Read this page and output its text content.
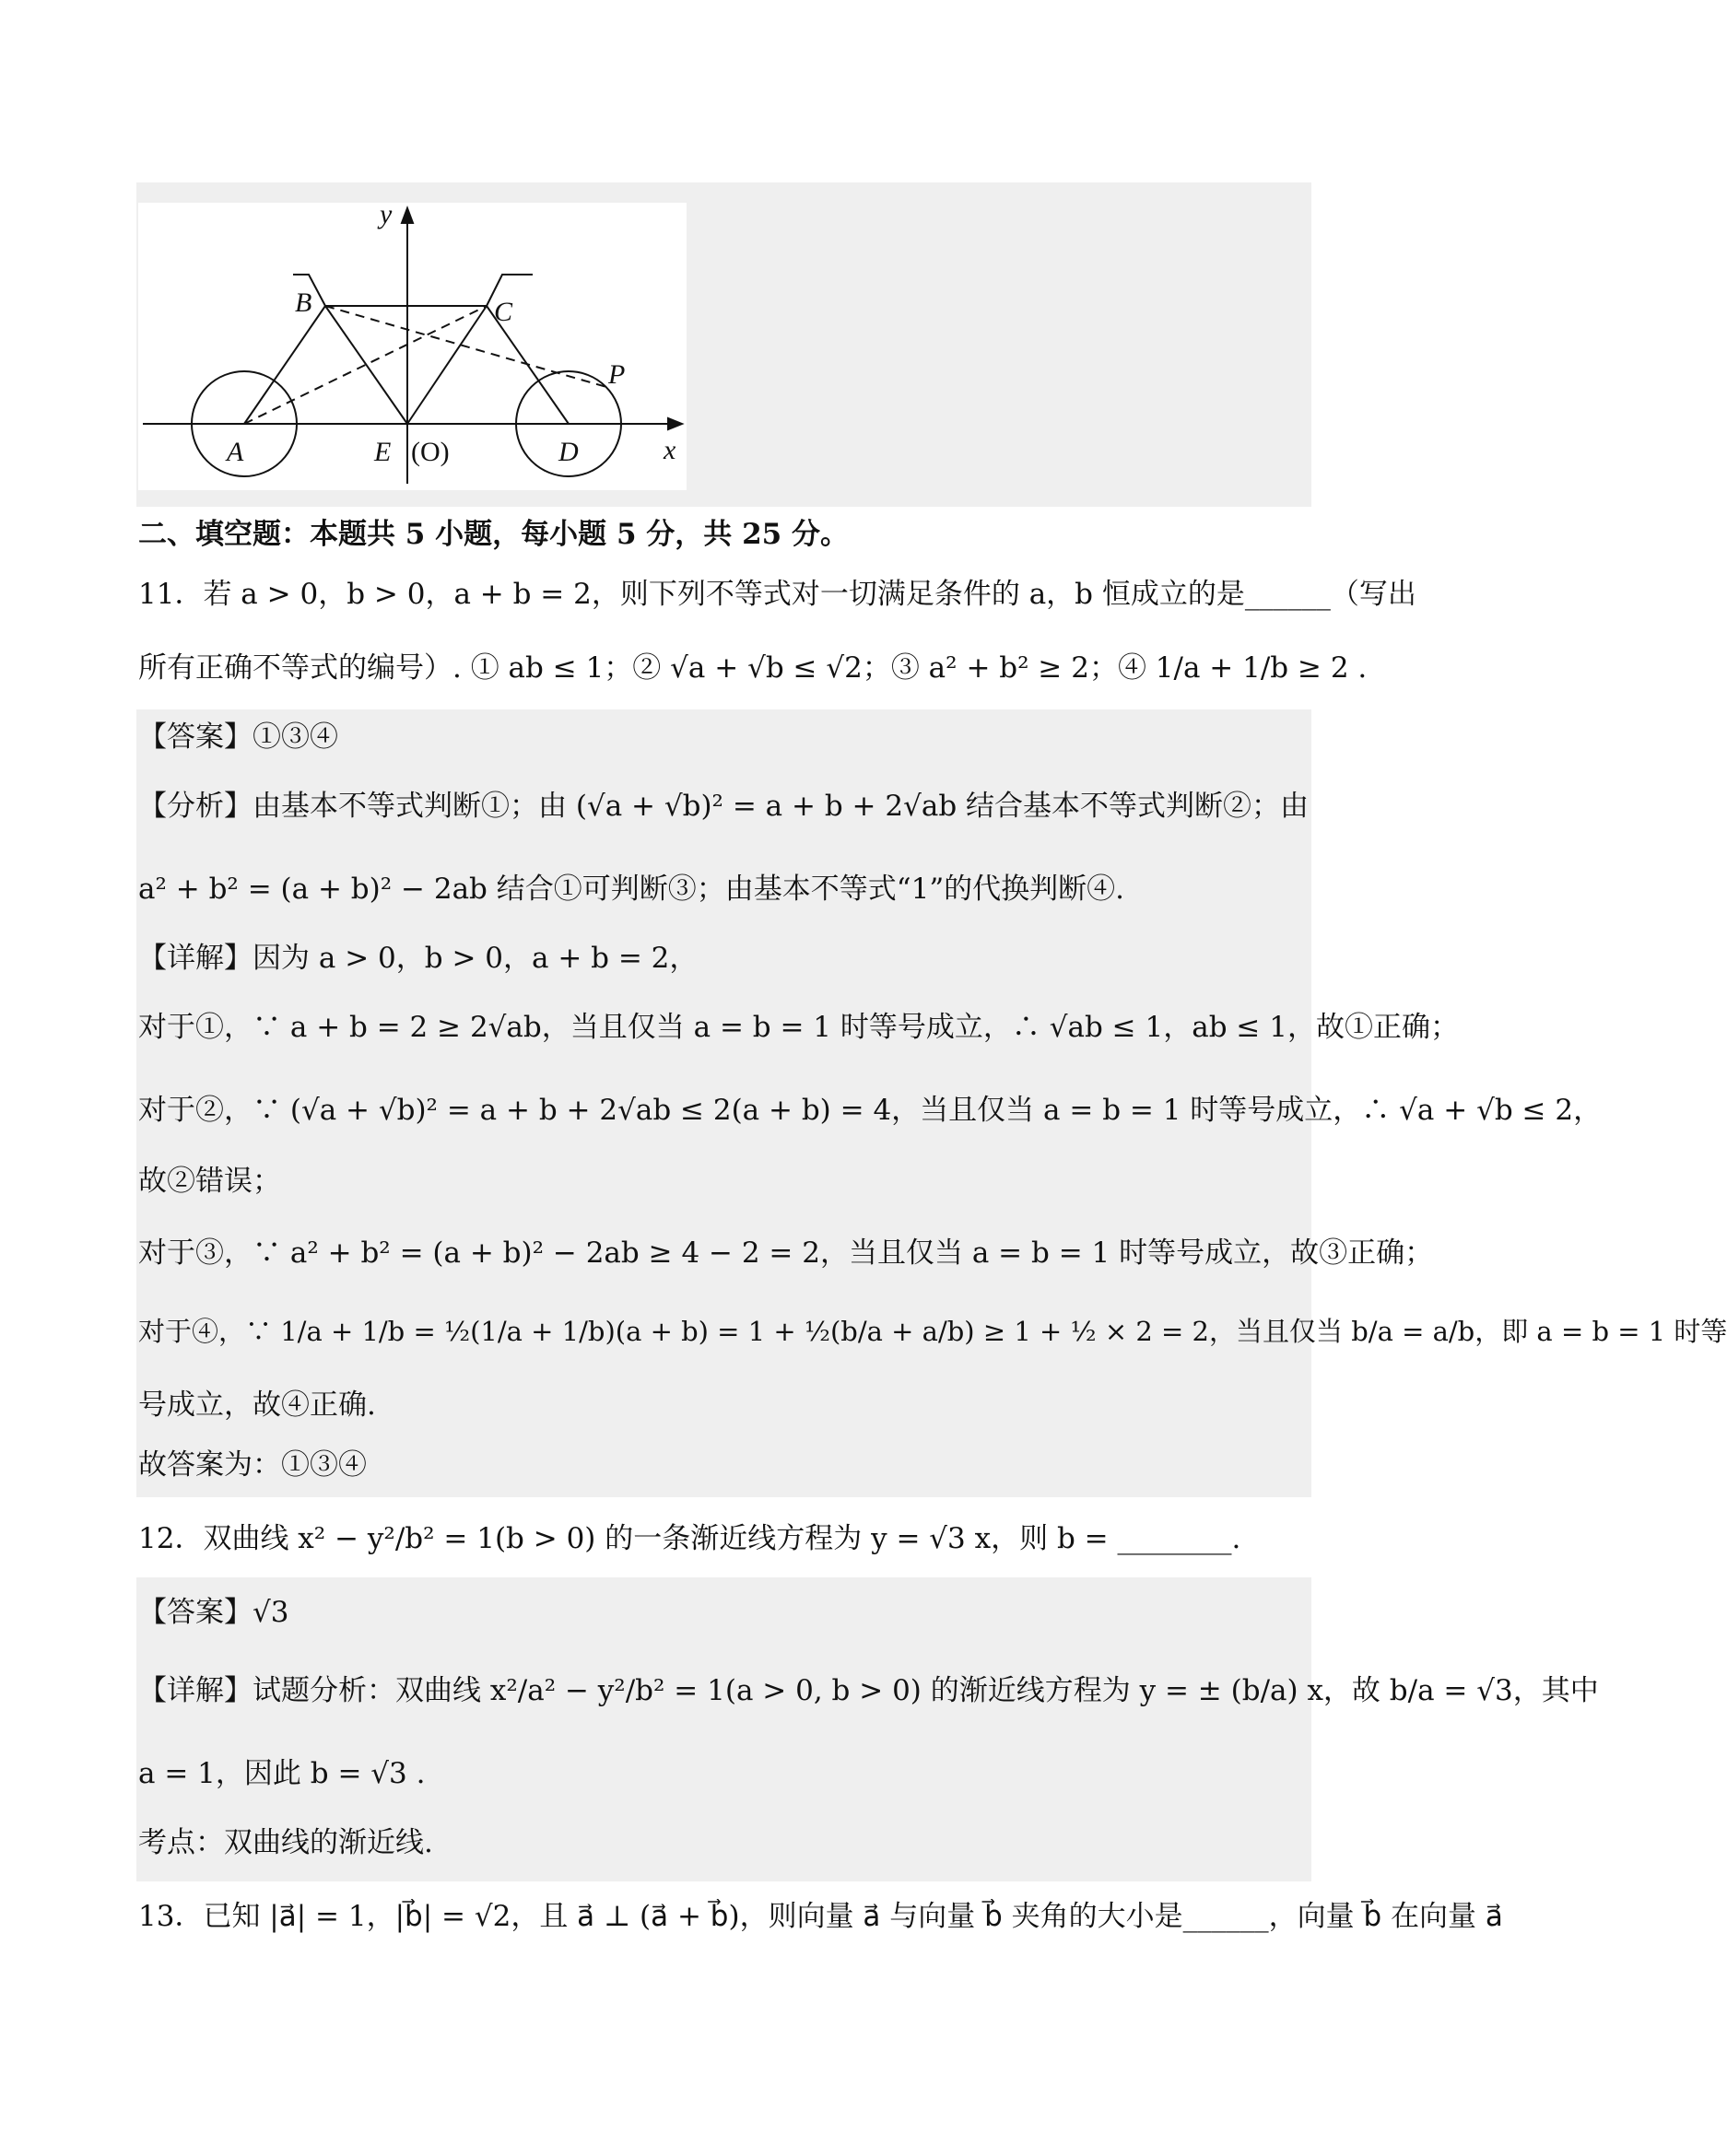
y
x
B	C
P
A	E (O)	D
二、填空题：本题共 5 小题，每小题 5 分，共 25 分。
11．若 a > 0，b > 0，a + b = 2，则下列不等式对一切满足条件的 a，b 恒成立的是______（写出
所有正确不等式的编号）. ① ab ≤ 1；② √a + √b ≤ √2；③ a² + b² ≥ 2；④ 1/a + 1/b ≥ 2 .
【答案】①③④
【分析】由基本不等式判断①；由 (√a + √b)² = a + b + 2√ab 结合基本不等式判断②；由
a² + b² = (a + b)² − 2ab 结合①可判断③；由基本不等式“1”的代换判断④.
【详解】因为 a > 0，b > 0，a + b = 2，
对于①，∵ a + b = 2 ≥ 2√ab，当且仅当 a = b = 1 时等号成立，∴ √ab ≤ 1，ab ≤ 1，故①正确；
对于②，∵ (√a + √b)² = a + b + 2√ab ≤ 2(a + b) = 4，当且仅当 a = b = 1 时等号成立，∴ √a + √b ≤ 2，
故②错误；
对于③，∵ a² + b² = (a + b)² − 2ab ≥ 4 − 2 = 2，当且仅当 a = b = 1 时等号成立，故③正确；
对于④，∵ 1/a + 1/b = ½(1/a + 1/b)(a + b) = 1 + ½(b/a + a/b) ≥ 1 + ½ × 2 = 2，当且仅当 b/a = a/b，即 a = b = 1 时等
号成立，故④正确.
故答案为：①③④
12．双曲线 x² − y²/b² = 1(b > 0) 的一条渐近线方程为 y = √3 x，则 b = ________.
【答案】√3
【详解】试题分析：双曲线 x²/a² − y²/b² = 1(a > 0, b > 0) 的渐近线方程为 y = ± (b/a) x，故 b/a = √3，其中
a = 1，因此 b = √3 .
考点：双曲线的渐近线.
13．已知 |a⃗| = 1，|b⃗| = √2，且 a⃗ ⊥ (a⃗ + b⃗)，则向量 a⃗ 与向量 b⃗ 夹角的大小是______，向量 b⃗ 在向量 a⃗
